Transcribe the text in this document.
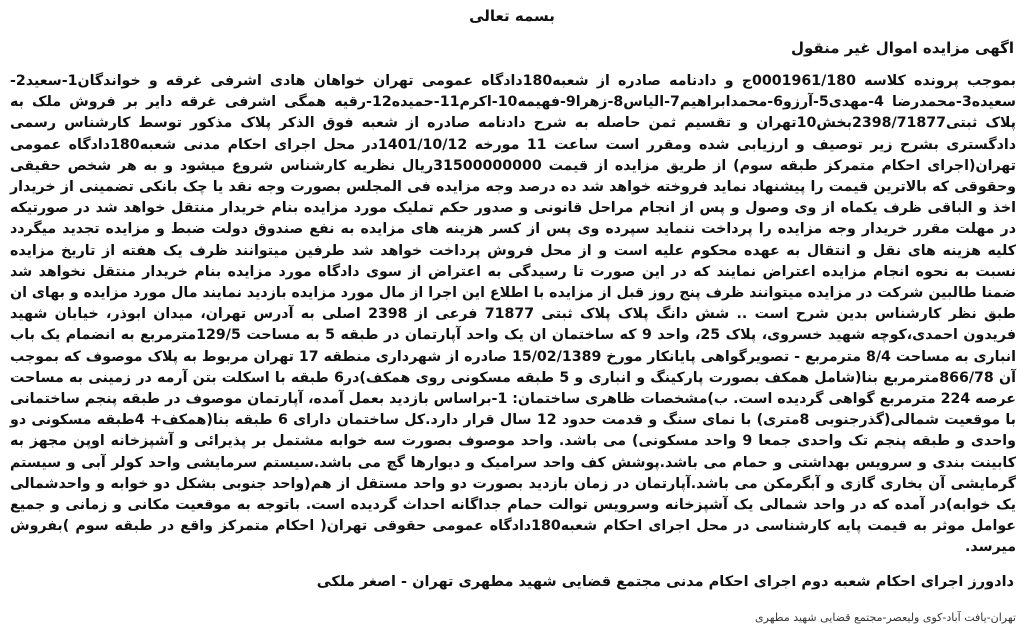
بسمه تعالی
اگهی مزایده اموال غیر منقول
بموجب پرونده کلاسه 0001961/180ج و دادنامه صادره از شعبه180دادگاه عمومی تهران خواهان هادی اشرفی غرقه و خواندگان1-سعید2-سعیده3-محمدرضا 4-مهدی5-آرزو6-محمدابراهیم7-الیاس8-زهرا9-فهیمه10-اکرم11-حمیده12-رقیه همگی اشرفی غرقه دایر بر فروش ملک به پلاک ثبتی2398/71877بخش10تهران و تقسیم ثمن حاصله به شرح دادنامه صادره از شعبه فوق الذکر پلاک مذکور توسط کارشناس رسمی دادگستری بشرح زیر توصیف و ارزیابی شده ومقرر است ساعت 11 مورخه 1401/10/12در محل اجرای احکام مدنی شعبه180دادگاه عمومی تهران(اجرای احکام متمرکز طبقه سوم) از طریق مزایده از قیمت 31500000000ریال نظریه کارشناس شروع میشود و به هر شخص حقیقی وحقوقی که بالاترین قیمت را پیشنهاد نماید فروخته خواهد شد ده درصد وجه مزایده فی المجلس بصورت وجه نقد یا چک بانکی تضمینی از خریدار اخذ و الباقی ظرف یکماه از وی وصول و پس از انجام مراحل قانونی و صدور حکم تملیک مورد مزایده بنام خریدار منتقل خواهد شد در صورتیکه در مهلت مقرر خریدار وجه مزایده را پرداخت ننماید سپرده وی پس از کسر هزینه های مزایده به نفع صندوق دولت ضبط و مزایده تجدید میگردد کلیه هزینه های نقل و انتقال به عهده محکوم علیه است و از محل فروش پرداخت خواهد شد طرفین میتوانند ظرف یک هفته از تاریخ مزایده نسبت به نحوه انجام مزایده اعتراض نمایند که در این صورت تا رسیدگی به اعتراض از سوی دادگاه مورد مزایده بنام خریدار منتقل نخواهد شد ضمنا طالبین شرکت در مزایده میتوانند ظرف پنج روز قبل از مزایده با اطلاع این اجرا از مال مورد مزایده بازدید نمایند مال مورد مزایده و بهای ان طبق نظر کارشناس بدین شرح است .. شش دانگ پلاک پلاک ثبتی 71877 فرعی از 2398 اصلی به آدرس تهران، میدان ابوذر، خیابان شهید فریدون احمدی،کوچه شهید خسروی، پلاک 25، واحد 9 که ساختمان ان یک واحد آپارتمان در طبقه 5 به مساحت 129/5مترمربع به انضمام یک باب انباری به مساحت 8/4 مترمربع - تصویرگواهی پایانکار مورخ 15/02/1389 صادره از شهرداری منطقه 17 تهران مربوط به پلاک موصوف که بموجب آن 866/78مترمربع بنا(شامل همکف بصورت پارکینگ و انباری و 5 طبقه مسکونی روی همکف)در6 طبقه با اسکلت بتن آرمه در زمینی به مساحت عرصه 224 مترمربع گواهی گردیده است. ب)مشخصات ظاهری ساختمان: 1-براساس بازدید بعمل آمده، آپارتمان موصوف در طبقه پنجم ساختمانی با موقعیت شمالی(گذرجنوبی 8متری) با نمای سنگ و قدمت حدود 12 سال قرار دارد.کل ساختمان دارای 6 طبقه بنا(همکف+ 4طبقه مسکونی دو واحدی و طبقه پنجم تک واحدی جمعا 9 واحد مسکونی) می باشد. واحد موصوف بصورت سه خوابه مشتمل بر پذیرائی و آشپزخانه اوپن مجهز به کابینت بندی و سرویس بهداشتی و حمام می باشد.پوشش کف واحد سرامیک و دیوارها گچ می باشد.سیستم سرمایشی واحد کولر آبی و سیستم گرمایشی آن بخاری گازی و آبگرمکن می باشد.آپارتمان در زمان بازدید بصورت دو واحد مستقل از هم(واحد جنوبی بشکل دو خوابه و واحدشمالی یک خوابه)در آمده که در واحد شمالی یک آشپزخانه وسرویس توالت حمام جداگانه احداث گردیده است. باتوجه به موقعیت مکانی و زمانی و جمیع عوامل موثر به قیمت پایه کارشناسی در محل اجرای احکام شعبه180دادگاه عمومی حقوقی تهران( احکام متمرکز واقع در طبقه سوم )بفروش میرسد.
دادورز اجرای احکام شعبه دوم اجرای احکام مدنی مجتمع قضایی شهید مطهری تهران - اصغر ملکی
تهران-یافت آباد-کوی ولیعصر-مجتمع قضایی شهید مطهری
